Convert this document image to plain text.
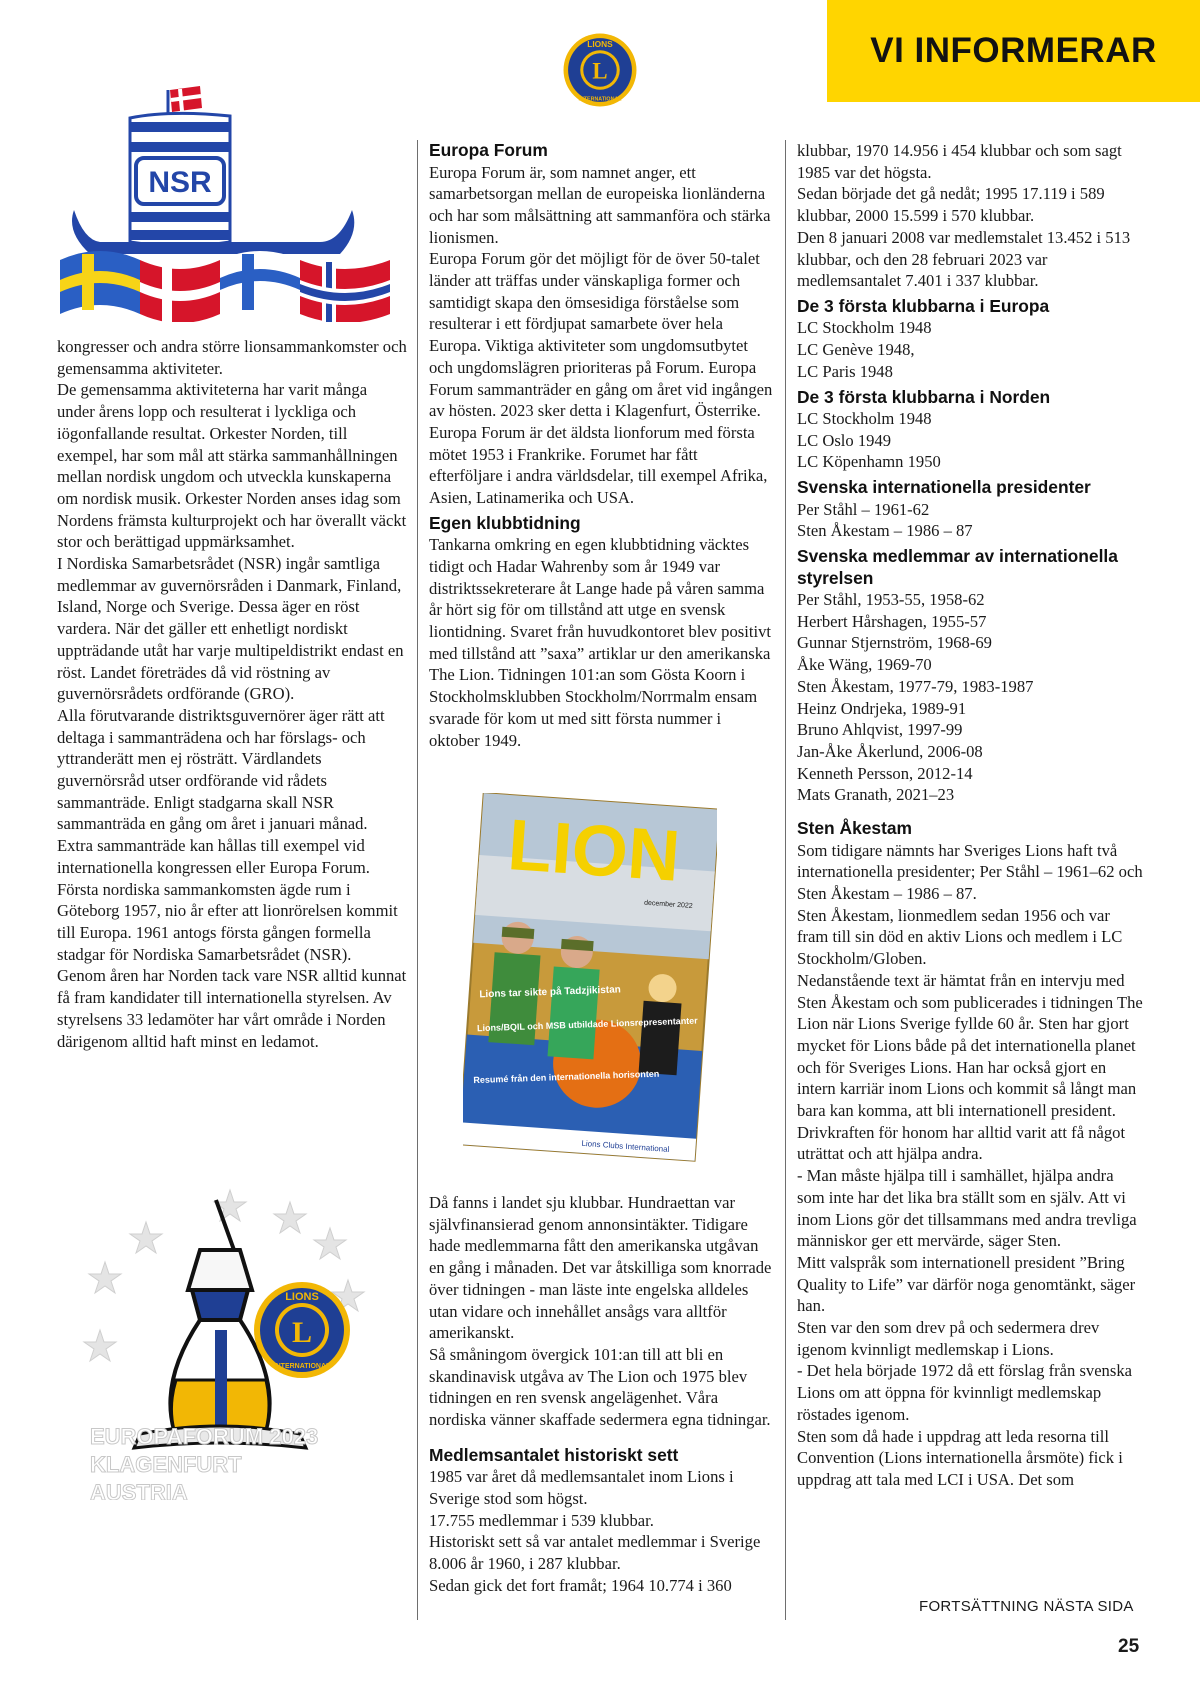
VI INFORMERAR
L
LIONS
INTERNATIONAL
NSR

kongresser och andra större lionsammankomster och gemensamma aktiviteter.
De gemensamma aktiviteterna har varit många under årens lopp och resulterat i lyckliga och iögonfallande resultat. Orkester Norden, till exempel, har som mål att stärka sammanhållningen mellan nordisk ungdom och utveckla kunskaperna om nordisk musik. Orkester Norden anses idag som Nordens främsta kulturprojekt och har överallt väckt stor och berättigad uppmärksamhet.
I Nordiska Samarbetsrådet (NSR) ingår samtliga medlemmar av guvernörsråden i Danmark, Finland, Island, Norge och Sverige. Dessa äger en röst vardera. När det gäller ett enhetligt nordiskt uppträdande utåt har varje multipeldistrikt endast en röst. Landet företrädes då vid röstning av guvernörsrådets ordförande (GRO).
Alla förutvarande distriktsguvernörer äger rätt att deltaga i sammanträdena och har förslags- och yttranderätt men ej rösträtt. Värdlandets guvernörsråd utser ordförande vid rådets sammanträde. Enligt stadgarna skall NSR sammanträda en gång om året i januari månad. Extra sammanträde kan hållas till exempel vid internationella kongressen eller Europa Forum. Första nordiska sammankomsten ägde rum i Göteborg 1957, nio år efter att lionrörelsen kommit till Europa. 1961 antogs första gången formella stadgar för Nordiska Samarbetsrådet (NSR).
Genom åren har Norden tack vare NSR alltid kunnat få fram kandidater till internationella styrelsen. Av styrelsens 33 ledamöter har vårt område i Norden därigenom alltid haft minst en ledamot.

L
LIONS
INTERNATIONAL
EUROPAFORUM 2023
KLAGENFURT
AUSTRIA
Europa Forum

Europa Forum är, som namnet anger, ett samarbetsorgan mellan de europeiska lionländerna och har som målsättning att sammanföra och stärka lionismen.
Europa Forum gör det möjligt för de över 50-talet länder att träffas under vänskapliga former och samtidigt skapa den ömsesidiga förståelse som resulterar i ett fördjupat samarbete över hela Europa. Viktiga aktiviteter som ungdomsutbytet och ungdomslägren prioriteras på Forum. Europa Forum sammanträder en gång om året vid ingången av hösten. 2023 sker detta i Klagenfurt, Österrike. Europa Forum är det äldsta lionforum med första mötet 1953 i Frankrike. Forumet har fått efterföljare i andra världsdelar, till exempel Afrika, Asien, Latinamerika och USA.

Egen klubbtidning

Tankarna omkring en egen klubbtidning väcktes tidigt och Hadar Wahrenby som år 1949 var distriktssekreterare åt Lange hade på våren samma år hört sig för om tillstånd att utge en svensk liontidning. Svaret från huvudkontoret blev positivt med tillstånd att ”saxa” artiklar ur den amerikanska The Lion. Tidningen 101:an som Gösta Koorn i Stockholmsklubben Stockholm/Norrmalm ensam svarade för kom ut med sitt första nummer i oktober 1949.

LION
december 2022
Lions tar sikte på Tadzjikistan
Lions/BQIL och MSB utbildade Lionsrepresentanter
Resumé från den internationella horisonten
Lions Clubs International

Då fanns i landet sju klubbar. Hundraettan var självfinansierad genom annonsintäkter. Tidigare hade medlemmarna fått den amerikanska utgåvan en gång i månaden. Det var åtskilliga som knorrade över tidningen - man läste inte engelska alldeles utan vidare och innehållet ansågs vara alltför amerikanskt.
Så småningom övergick 101:an till att bli en skandinavisk utgåva av The Lion och 1975 blev tidningen en ren svensk angelägenhet. Våra nordiska vänner skaffade sedermera egna tidningar.

Medlemsantalet historiskt sett

1985 var året då medlemsantalet inom Lions i Sverige stod som högst.
17.755 medlemmar i 539 klubbar.
Historiskt sett så var antalet medlemmar i Sverige 8.006 år 1960, i 287 klubbar.
Sedan gick det fort framåt; 1964 10.774 i 360

klubbar, 1970 14.956 i 454 klubbar och som sagt 1985 var det högsta.
Sedan började det gå nedåt; 1995 17.119 i 589 klubbar, 2000 15.599 i 570 klubbar.
Den 8 januari 2008 var medlemstalet 13.452 i 513 klubbar, och den 28 februari 2023 var medlemsantalet 7.401 i 337 klubbar.

De 3 första klubbarna i Europa

LC Stockholm 1948

LC Genève 1948,

LC Paris 1948

De 3 första klubbarna i Norden

LC Stockholm 1948

LC Oslo 1949

LC Köpenhamn 1950

Svenska internationella presidenter

Per Ståhl – 1961-62

Sten Åkestam – 1986 – 87

Svenska medlemmar av internationella styrelsen

Per Ståhl, 1953-55, 1958-62

Herbert Hårshagen, 1955-57

Gunnar Stjernström, 1968-69

Åke Wäng, 1969-70

Sten Åkestam, 1977-79, 1983-1987

Heinz Ondrjeka, 1989-91

Bruno Ahlqvist, 1997-99

Jan-Åke Åkerlund, 2006-08

Kenneth Persson, 2012-14

Mats Granath, 2021–23

Sten Åkestam

Som tidigare nämnts har Sveriges Lions haft två internationella presidenter; Per Ståhl – 1961–62 och Sten Åkestam – 1986 – 87.
Sten Åkestam, lionmedlem sedan 1956 och var fram till sin död en aktiv Lions och medlem i LC Stockholm/Globen.
Nedanstående text är hämtat från en intervju med Sten Åkestam och som publicerades i tidningen The Lion när Lions Sverige fyllde 60 år. Sten har gjort mycket för Lions både på det internationella planet och för Sveriges Lions. Han har också gjort en intern karriär inom Lions och kommit så långt man bara kan komma, att bli internationell president.
Drivkraften för honom har alltid varit att få något uträttat och att hjälpa andra.
- Man måste hjälpa till i samhället, hjälpa andra som inte har det lika bra ställt som en själv. Att vi inom Lions gör det tillsammans med andra trevliga människor ger ett mervärde, säger Sten.
Mitt valspråk som internationell president ”Bring Quality to Life” var därför noga genomtänkt, säger han.
Sten var den som drev på och sedermera drev igenom kvinnligt medlemskap i Lions.
- Det hela började 1972 då ett förslag från svenska Lions om att öppna för kvinnligt medlemskap röstades igenom.
Sten som då hade i uppdrag att leda resorna till Convention (Lions internationella årsmöte) fick i uppdrag att tala med LCI i USA. Det som

FORTSÄTTNING NÄSTA SIDA
25
